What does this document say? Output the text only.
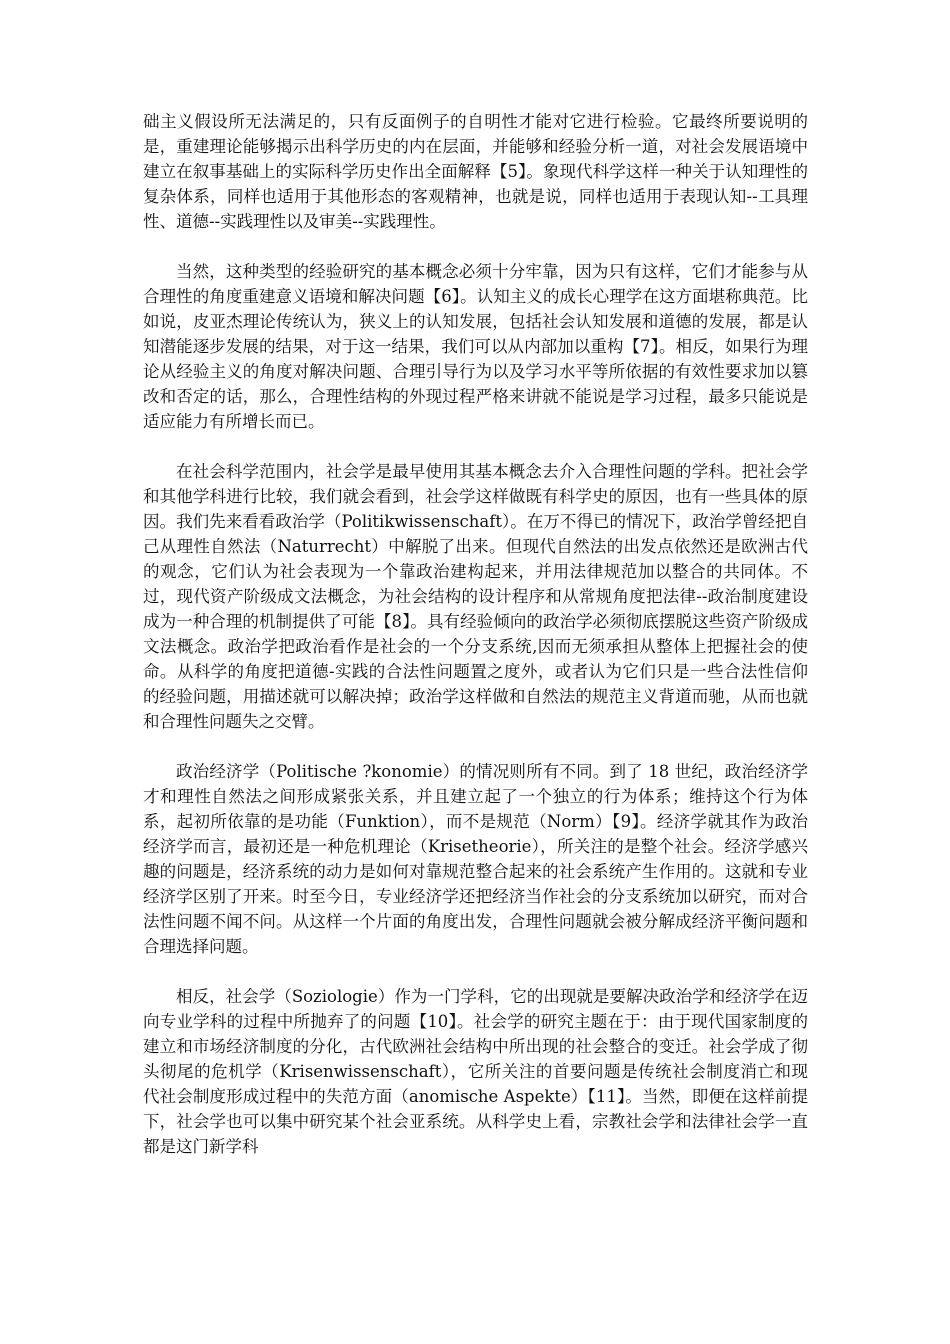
础主义假设所无法满足的，只有反面例子的自明性才能对它进行检验。它最终所要说明的是，重建理论能够揭示出科学历史的内在层面，并能够和经验分析一道，对社会发展语境中建立在叙事基础上的实际科学历史作出全面解释【5】。象现代科学这样一种关于认知理性的复杂体系，同样也适用于其他形态的客观精神，也就是说，同样也适用于表现认知--工具理性、道德--实践理性以及审美--实践理性。

当然，这种类型的经验研究的基本概念必须十分牢靠，因为只有这样，它们才能参与从合理性的角度重建意义语境和解决问题【6】。认知主义的成长心理学在这方面堪称典范。比如说，皮亚杰理论传统认为，狭义上的认知发展，包括社会认知发展和道德的发展，都是认知潜能逐步发展的结果，对于这一结果，我们可以从内部加以重构【7】。相反，如果行为理论从经验主义的角度对解决问题、合理引导行为以及学习水平等所依据的有效性要求加以篡改和否定的话，那么，合理性结构的外现过程严格来讲就不能说是学习过程，最多只能说是适应能力有所增长而已。

在社会科学范围内，社会学是最早使用其基本概念去介入合理性问题的学科。把社会学和其他学科进行比较，我们就会看到，社会学这样做既有科学史的原因，也有一些具体的原因。我们先来看看政治学（Politikwissenschaft）。在万不得已的情况下，政治学曾经把自己从理性自然法（Naturrecht）中解脱了出来。但现代自然法的出发点依然还是欧洲古代的观念，它们认为社会表现为一个靠政治建构起来，并用法律规范加以整合的共同体。不过，现代资产阶级成文法概念，为社会结构的设计程序和从常规角度把法律--政治制度建设成为一种合理的机制提供了可能【8】。具有经验倾向的政治学必须彻底摆脱这些资产阶级成文法概念。政治学把政治看作是社会的一个分支系统,因而无须承担从整体上把握社会的使命。从科学的角度把道德-实践的合法性问题置之度外，或者认为它们只是一些合法性信仰的经验问题，用描述就可以解决掉；政治学这样做和自然法的规范主义背道而驰，从而也就和合理性问题失之交臂。

政治经济学（Politische ?konomie）的情况则所有不同。到了 18 世纪，政治经济学才和理性自然法之间形成紧张关系，并且建立起了一个独立的行为体系；维持这个行为体系，起初所依靠的是功能（Funktion），而不是规范（Norm）【9】。经济学就其作为政治经济学而言，最初还是一种危机理论（Krisetheorie），所关注的是整个社会。经济学感兴趣的问题是，经济系统的动力是如何对靠规范整合起来的社会系统产生作用的。这就和专业经济学区别了开来。时至今日，专业经济学还把经济当作社会的分支系统加以研究，而对合法性问题不闻不问。从这样一个片面的角度出发，合理性问题就会被分解成经济平衡问题和合理选择问题。

相反，社会学（Soziologie）作为一门学科，它的出现就是要解决政治学和经济学在迈向专业学科的过程中所抛弃了的问题【10】。社会学的研究主题在于：由于现代国家制度的建立和市场经济制度的分化，古代欧洲社会结构中所出现的社会整合的变迁。社会学成了彻头彻尾的危机学（Krisenwissenschaft），它所关注的首要问题是传统社会制度消亡和现代社会制度形成过程中的失范方面（anomische Aspekte）【11】。当然，即便在这样前提下，社会学也可以集中研究某个社会亚系统。从科学史上看，宗教社会学和法律社会学一直都是这门新学科
